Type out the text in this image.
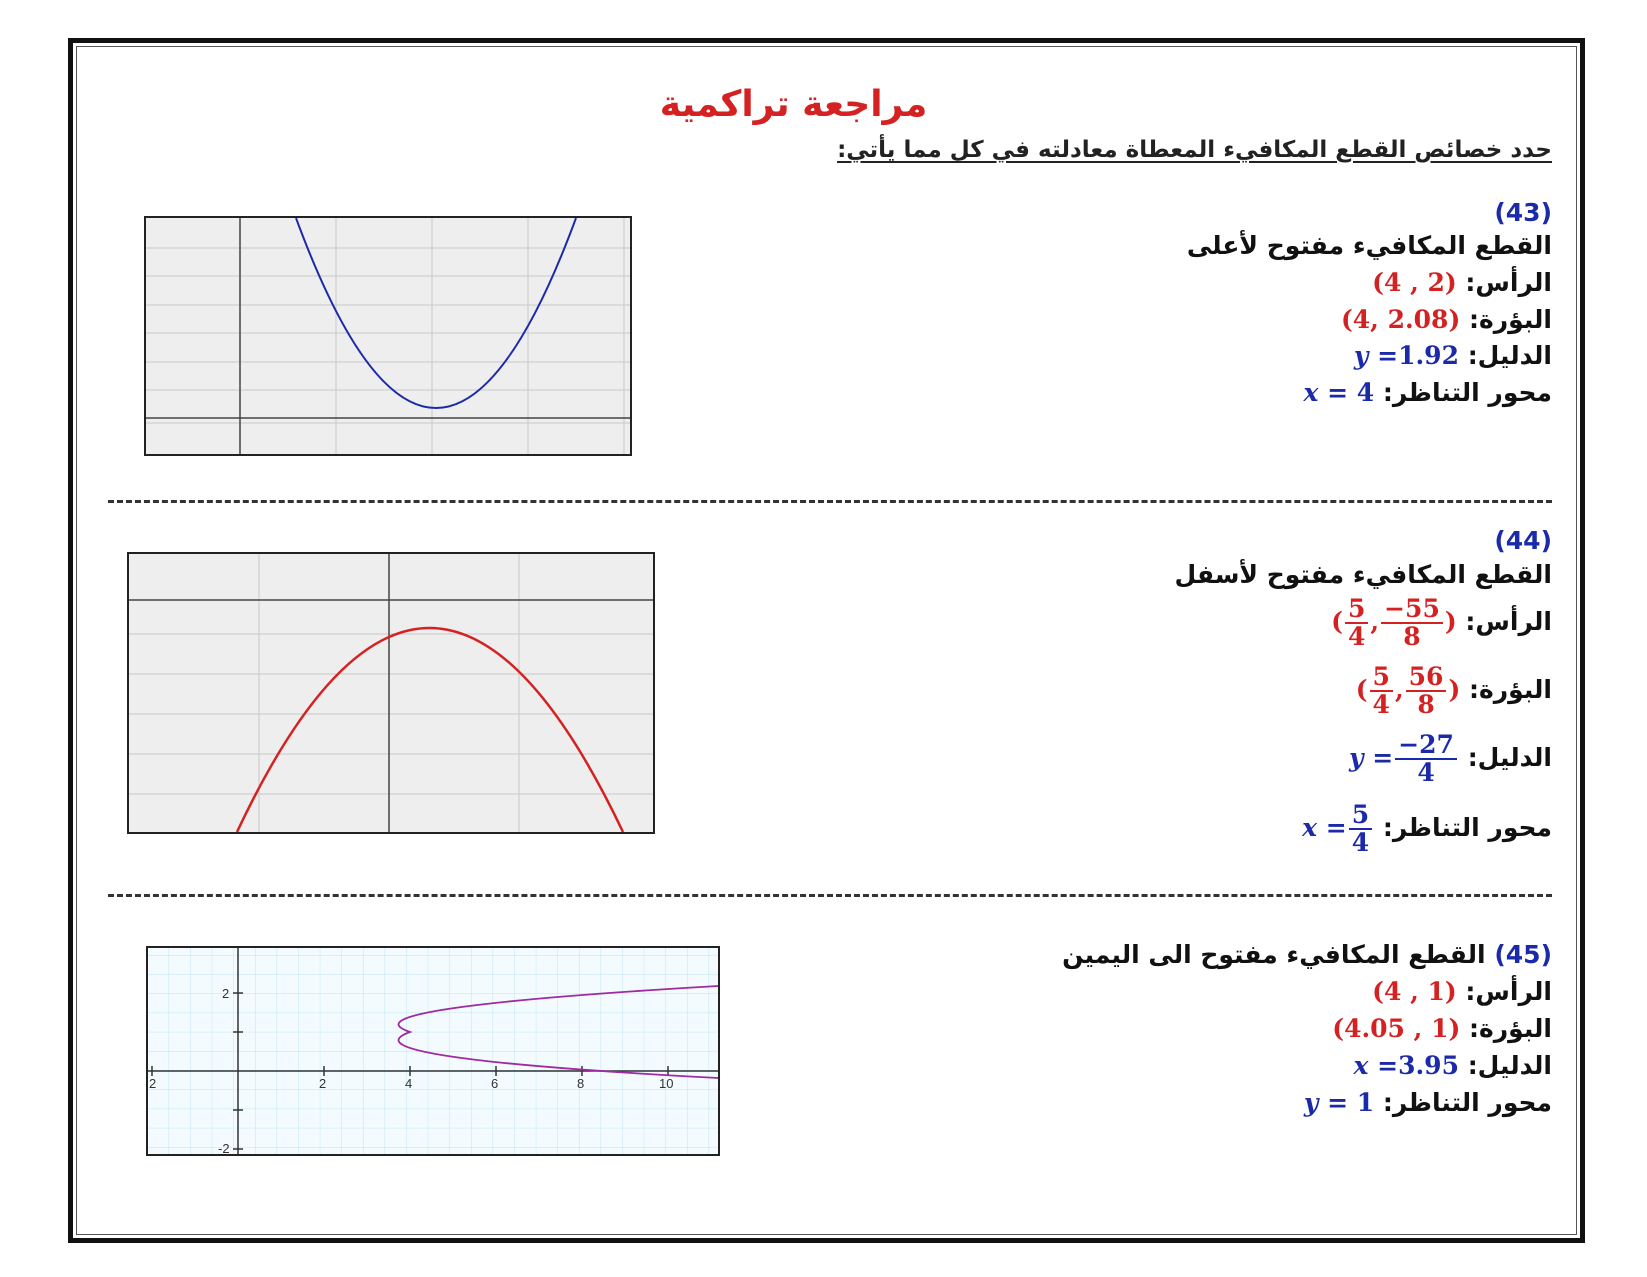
مراجعة تراكمية
حدد خصائص القطع المكافيء المعطاة معادلته في كل مما يأتي:
(43)
القطع المكافيء مفتوح لأعلى
الرأس: (4 , 2)
البؤرة: (4, 2.08)
الدليل: y =1.92
محور التناظر: x = 4
(44)
القطع المكافيء مفتوح لأسفل
الرأس: ( $\frac{5}{4}$ , $\frac{-55}{8}$ )
البؤرة: ( $\frac{5}{4}$ , $\frac{56}{8}$ )
الدليل: $y = \frac{-27}{4}$
محور التناظر: $x = \frac{5}{4}$
(45) القطع المكافيء مفتوح الى اليمين
الرأس: (4 , 1)
البؤرة: (4.05 , 1)
الدليل: x =3.95
محور التناظر: y = 1
2	2	4	6	8	10
2
-2
